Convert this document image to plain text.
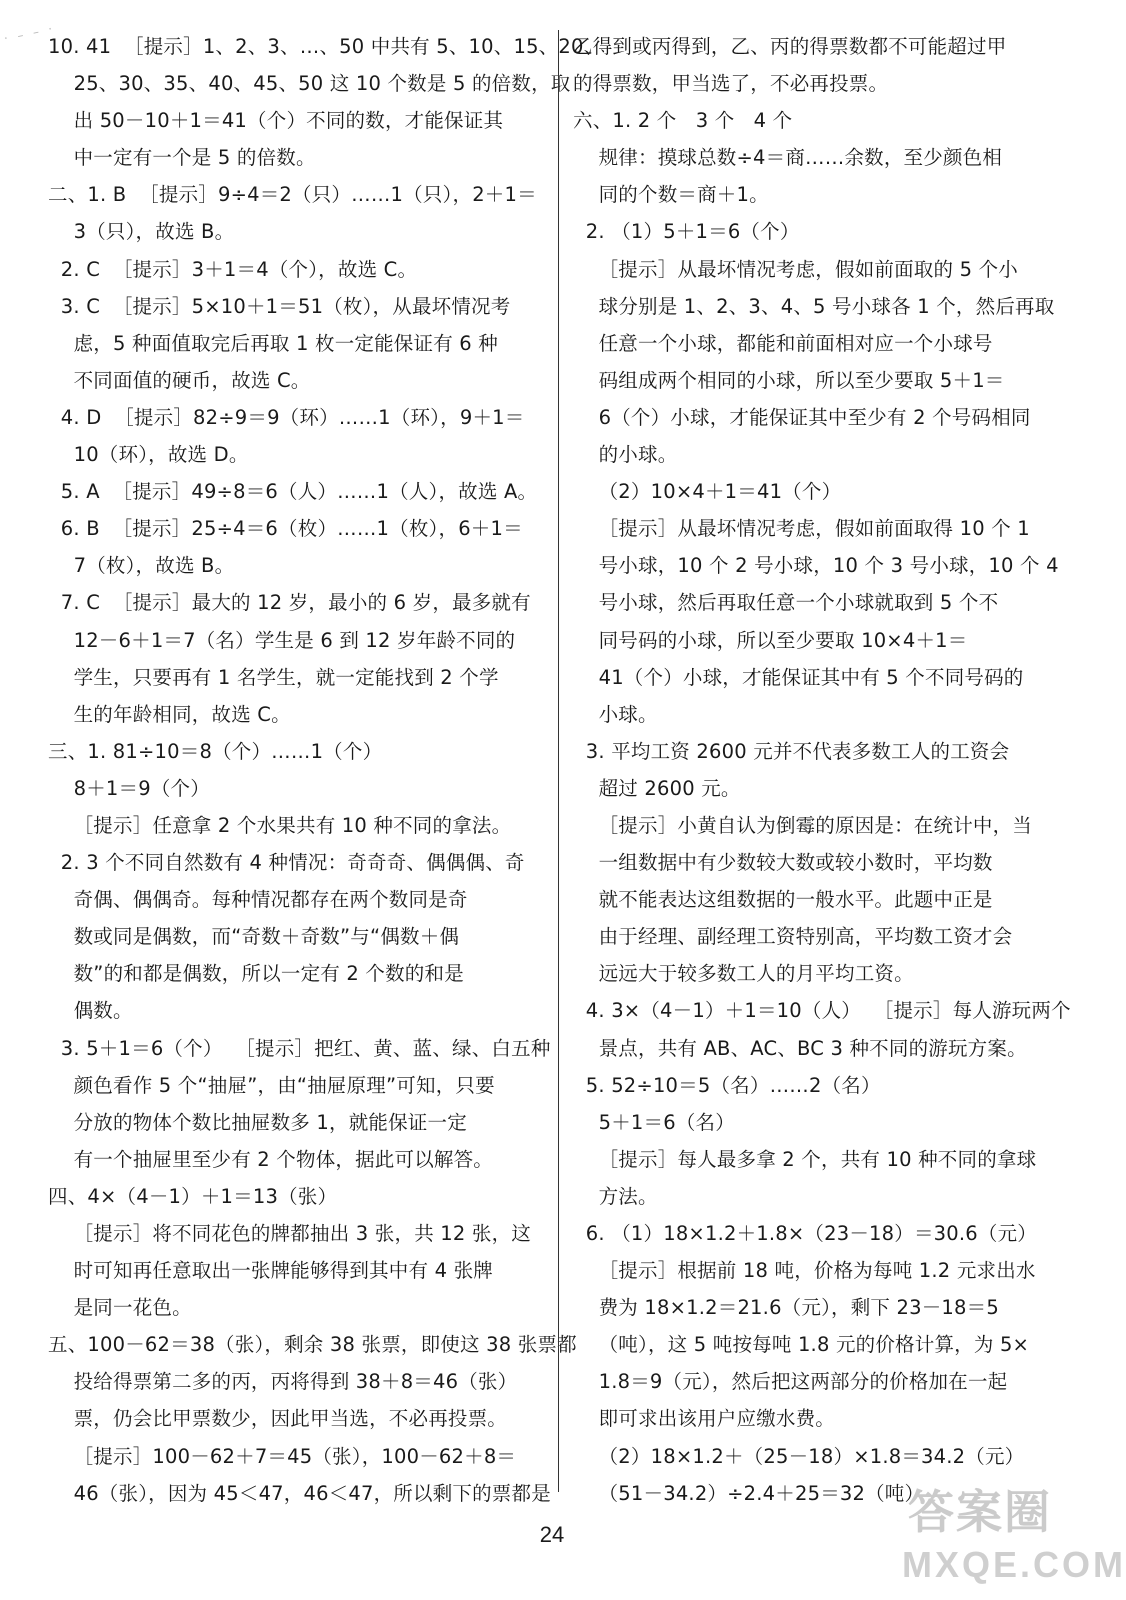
· – – ·
10. 41  ［提示］1、2、3、…、50 中共有 5、10、15、20、
25、30、35、40、45、50 这 10 个数是 5 的倍数，取
出 50－10＋1＝41（个）不同的数，才能保证其
中一定有一个是 5 的倍数。
二、1. B  ［提示］9÷4＝2（只）……1（只），2＋1＝
3（只），故选 B。
2. C  ［提示］3＋1＝4（个），故选 C。
3. C  ［提示］5×10＋1＝51（枚），从最坏情况考
虑，5 种面值取完后再取 1 枚一定能保证有 6 种
不同面值的硬币，故选 C。
4. D  ［提示］82÷9＝9（环）……1（环），9＋1＝
10（环），故选 D。
5. A  ［提示］49÷8＝6（人）……1（人），故选 A。
6. B  ［提示］25÷4＝6（枚）……1（枚），6＋1＝
7（枚），故选 B。
7. C  ［提示］最大的 12 岁，最小的 6 岁，最多就有
12－6＋1＝7（名）学生是 6 到 12 岁年龄不同的
学生，只要再有 1 名学生，就一定能找到 2 个学
生的年龄相同，故选 C。
三、1. 81÷10＝8（个）……1（个）
8＋1＝9（个）
［提示］任意拿 2 个水果共有 10 种不同的拿法。
2. 3 个不同自然数有 4 种情况：奇奇奇、偶偶偶、奇
奇偶、偶偶奇。每种情况都存在两个数同是奇
数或同是偶数，而“奇数＋奇数”与“偶数＋偶
数”的和都是偶数，所以一定有 2 个数的和是
偶数。
3. 5＋1＝6（个）  ［提示］把红、黄、蓝、绿、白五种
颜色看作 5 个“抽屉”，由“抽屉原理”可知，只要
分放的物体个数比抽屉数多 1，就能保证一定
有一个抽屉里至少有 2 个物体，据此可以解答。
四、4×（4－1）＋1＝13（张）
［提示］将不同花色的牌都抽出 3 张，共 12 张，这
时可知再任意取出一张牌能够得到其中有 4 张牌
是同一花色。
五、100－62＝38（张），剩余 38 张票，即使这 38 张票都
投给得票第二多的丙，丙将得到 38＋8＝46（张）
票，仍会比甲票数少，因此甲当选，不必再投票。
［提示］100－62＋7＝45（张），100－62＋8＝
46（张），因为 45＜47，46＜47，所以剩下的票都是
乙得到或丙得到，乙、丙的得票数都不可能超过甲
的得票数，甲当选了，不必再投票。
六、1. 2 个   3 个   4 个
规律：摸球总数÷4＝商……余数，至少颜色相
同的个数＝商＋1。
2. （1）5＋1＝6（个）
［提示］从最坏情况考虑，假如前面取的 5 个小
球分别是 1、2、3、4、5 号小球各 1 个，然后再取
任意一个小球，都能和前面相对应一个小球号
码组成两个相同的小球，所以至少要取 5＋1＝
6（个）小球，才能保证其中至少有 2 个号码相同
的小球。
（2）10×4＋1＝41（个）
［提示］从最坏情况考虑，假如前面取得 10 个 1
号小球，10 个 2 号小球，10 个 3 号小球，10 个 4
号小球，然后再取任意一个小球就取到 5 个不
同号码的小球，所以至少要取 10×4＋1＝
41（个）小球，才能保证其中有 5 个不同号码的
小球。
3. 平均工资 2600 元并不代表多数工人的工资会
超过 2600 元。
［提示］小黄自认为倒霉的原因是：在统计中，当
一组数据中有少数较大数或较小数时，平均数
就不能表达这组数据的一般水平。此题中正是
由于经理、副经理工资特别高，平均数工资才会
远远大于较多数工人的月平均工资。
4. 3×（4－1）＋1＝10（人）  ［提示］每人游玩两个
景点，共有 AB、AC、BC 3 种不同的游玩方案。
5. 52÷10＝5（名）……2（名）
5＋1＝6（名）
［提示］每人最多拿 2 个，共有 10 种不同的拿球
方法。
6. （1）18×1.2＋1.8×（23－18）＝30.6（元）
［提示］根据前 18 吨，价格为每吨 1.2 元求出水
费为 18×1.2＝21.6（元），剩下 23－18＝5
（吨），这 5 吨按每吨 1.8 元的价格计算，为 5×
1.8＝9（元），然后把这两部分的价格加在一起
即可求出该用户应缴水费。
（2）18×1.2＋（25－18）×1.8＝34.2（元）
（51－34.2）÷2.4＋25＝32（吨）
24	答案圈
MXQE.COM
